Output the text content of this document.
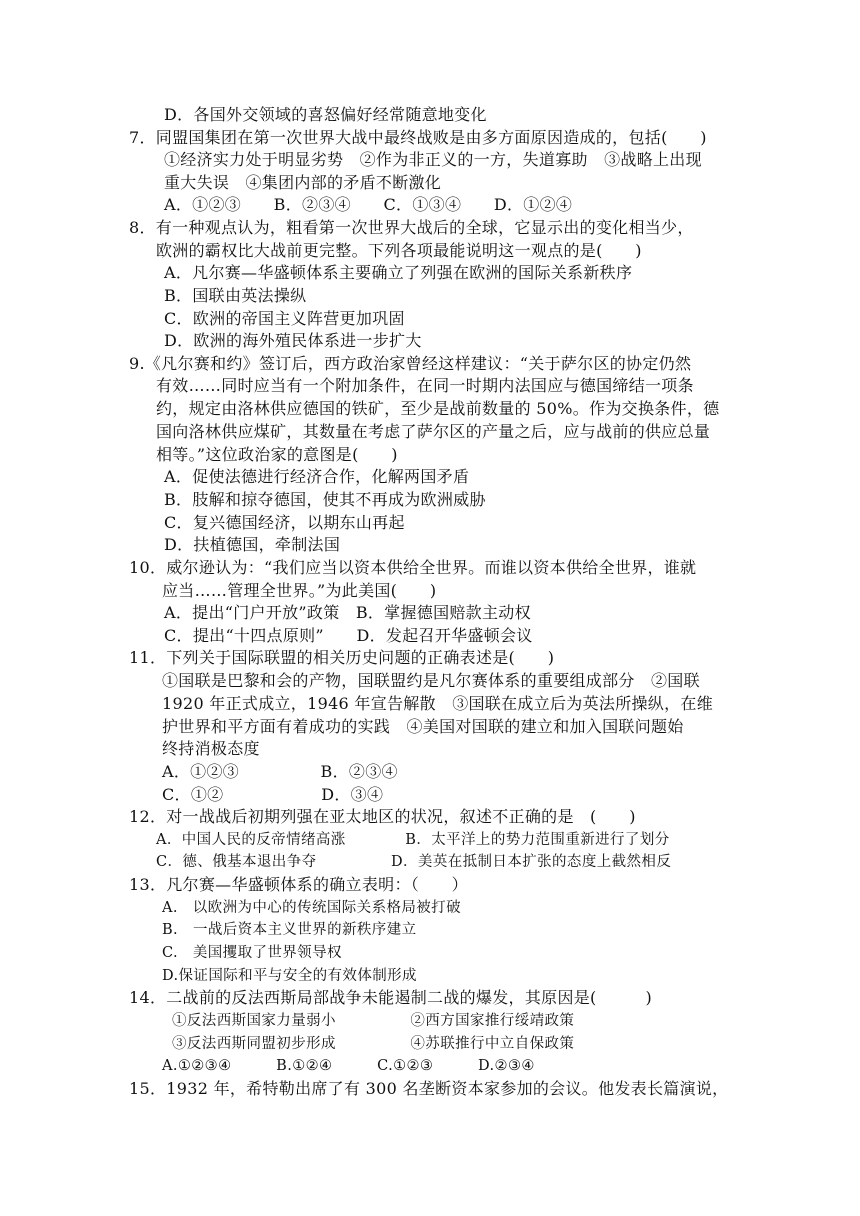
D．各国外交领域的喜怒偏好经常随意地变化
7．同盟国集团在第一次世界大战中最终战败是由多方面原因造成的，包括(　　)
①经济实力处于明显劣势　②作为非正义的一方，失道寡助　③战略上出现
重大失误　④集团内部的矛盾不断激化
A．①②③　　B．②③④　　C．①③④　　D．①②④
8．有一种观点认为，粗看第一次世界大战后的全球，它显示出的变化相当少，
欧洲的霸权比大战前更完整。下列各项最能说明这一观点的是(　　)
A．凡尔赛—华盛顿体系主要确立了列强在欧洲的国际关系新秩序
B．国联由英法操纵
C．欧洲的帝国主义阵营更加巩固
D．欧洲的海外殖民体系进一步扩大
9.《凡尔赛和约》签订后，西方政治家曾经这样建议：“关于萨尔区的协定仍然
有效……同时应当有一个附加条件，在同一时期内法国应与德国缔结一项条
约，规定由洛林供应德国的铁矿，至少是战前数量的 50%。作为交换条件，德
国向洛林供应煤矿，其数量在考虑了萨尔区的产量之后，应与战前的供应总量
相等。”这位政治家的意图是(　　)
A．促使法德进行经济合作，化解两国矛盾
B．肢解和掠夺德国，使其不再成为欧洲威胁
C．复兴德国经济，以期东山再起
D．扶植德国，牵制法国
10．威尔逊认为：“我们应当以资本供给全世界。而谁以资本供给全世界，谁就
应当……管理全世界。”为此美国(　　)
A．提出“门户开放”政策　B．掌握德国赔款主动权
C．提出“十四点原则”　　D．发起召开华盛顿会议
11．下列关于国际联盟的相关历史问题的正确表述是(　　)
①国联是巴黎和会的产物，国联盟约是凡尔赛体系的重要组成部分　②国联
1920 年正式成立，1946 年宣告解散　③国联在成立后为英法所操纵，在维
护世界和平方面有着成功的实践　④美国对国联的建立和加入国联问题始
终持消极态度
A．①②③　　　　　B．②③④
C．①②　　　　　　D．③④
12．对一战战后初期列强在亚太地区的状况，叙述不正确的是　(　　)
A．中国人民的反帝情绪高涨　　　　B．太平洋上的势力范围重新进行了划分
C．德、俄基本退出争夺　　　　　D．美英在抵制日本扩张的态度上截然相反
13．凡尔赛—华盛顿体系的确立表明：（　　）
A.　以欧洲为中心的传统国际关系格局被打破
B.　一战后资本主义世界的新秩序建立
C.　美国攫取了世界领导权
D.保证国际和平与安全的有效体制形成
14．二战前的反法西斯局部战争未能遏制二战的爆发，其原因是(　　　)
①反法西斯国家力量弱小　　　　　②西方国家推行绥靖政策
③反法西斯同盟初步形成　　　　　④苏联推行中立自保政策
A.①②③④　　　B.①②④　　　C.①②③　　　D.②③④
15．1932 年，希特勒出席了有 300 名垄断资本家参加的会议。他发表长篇演说，
